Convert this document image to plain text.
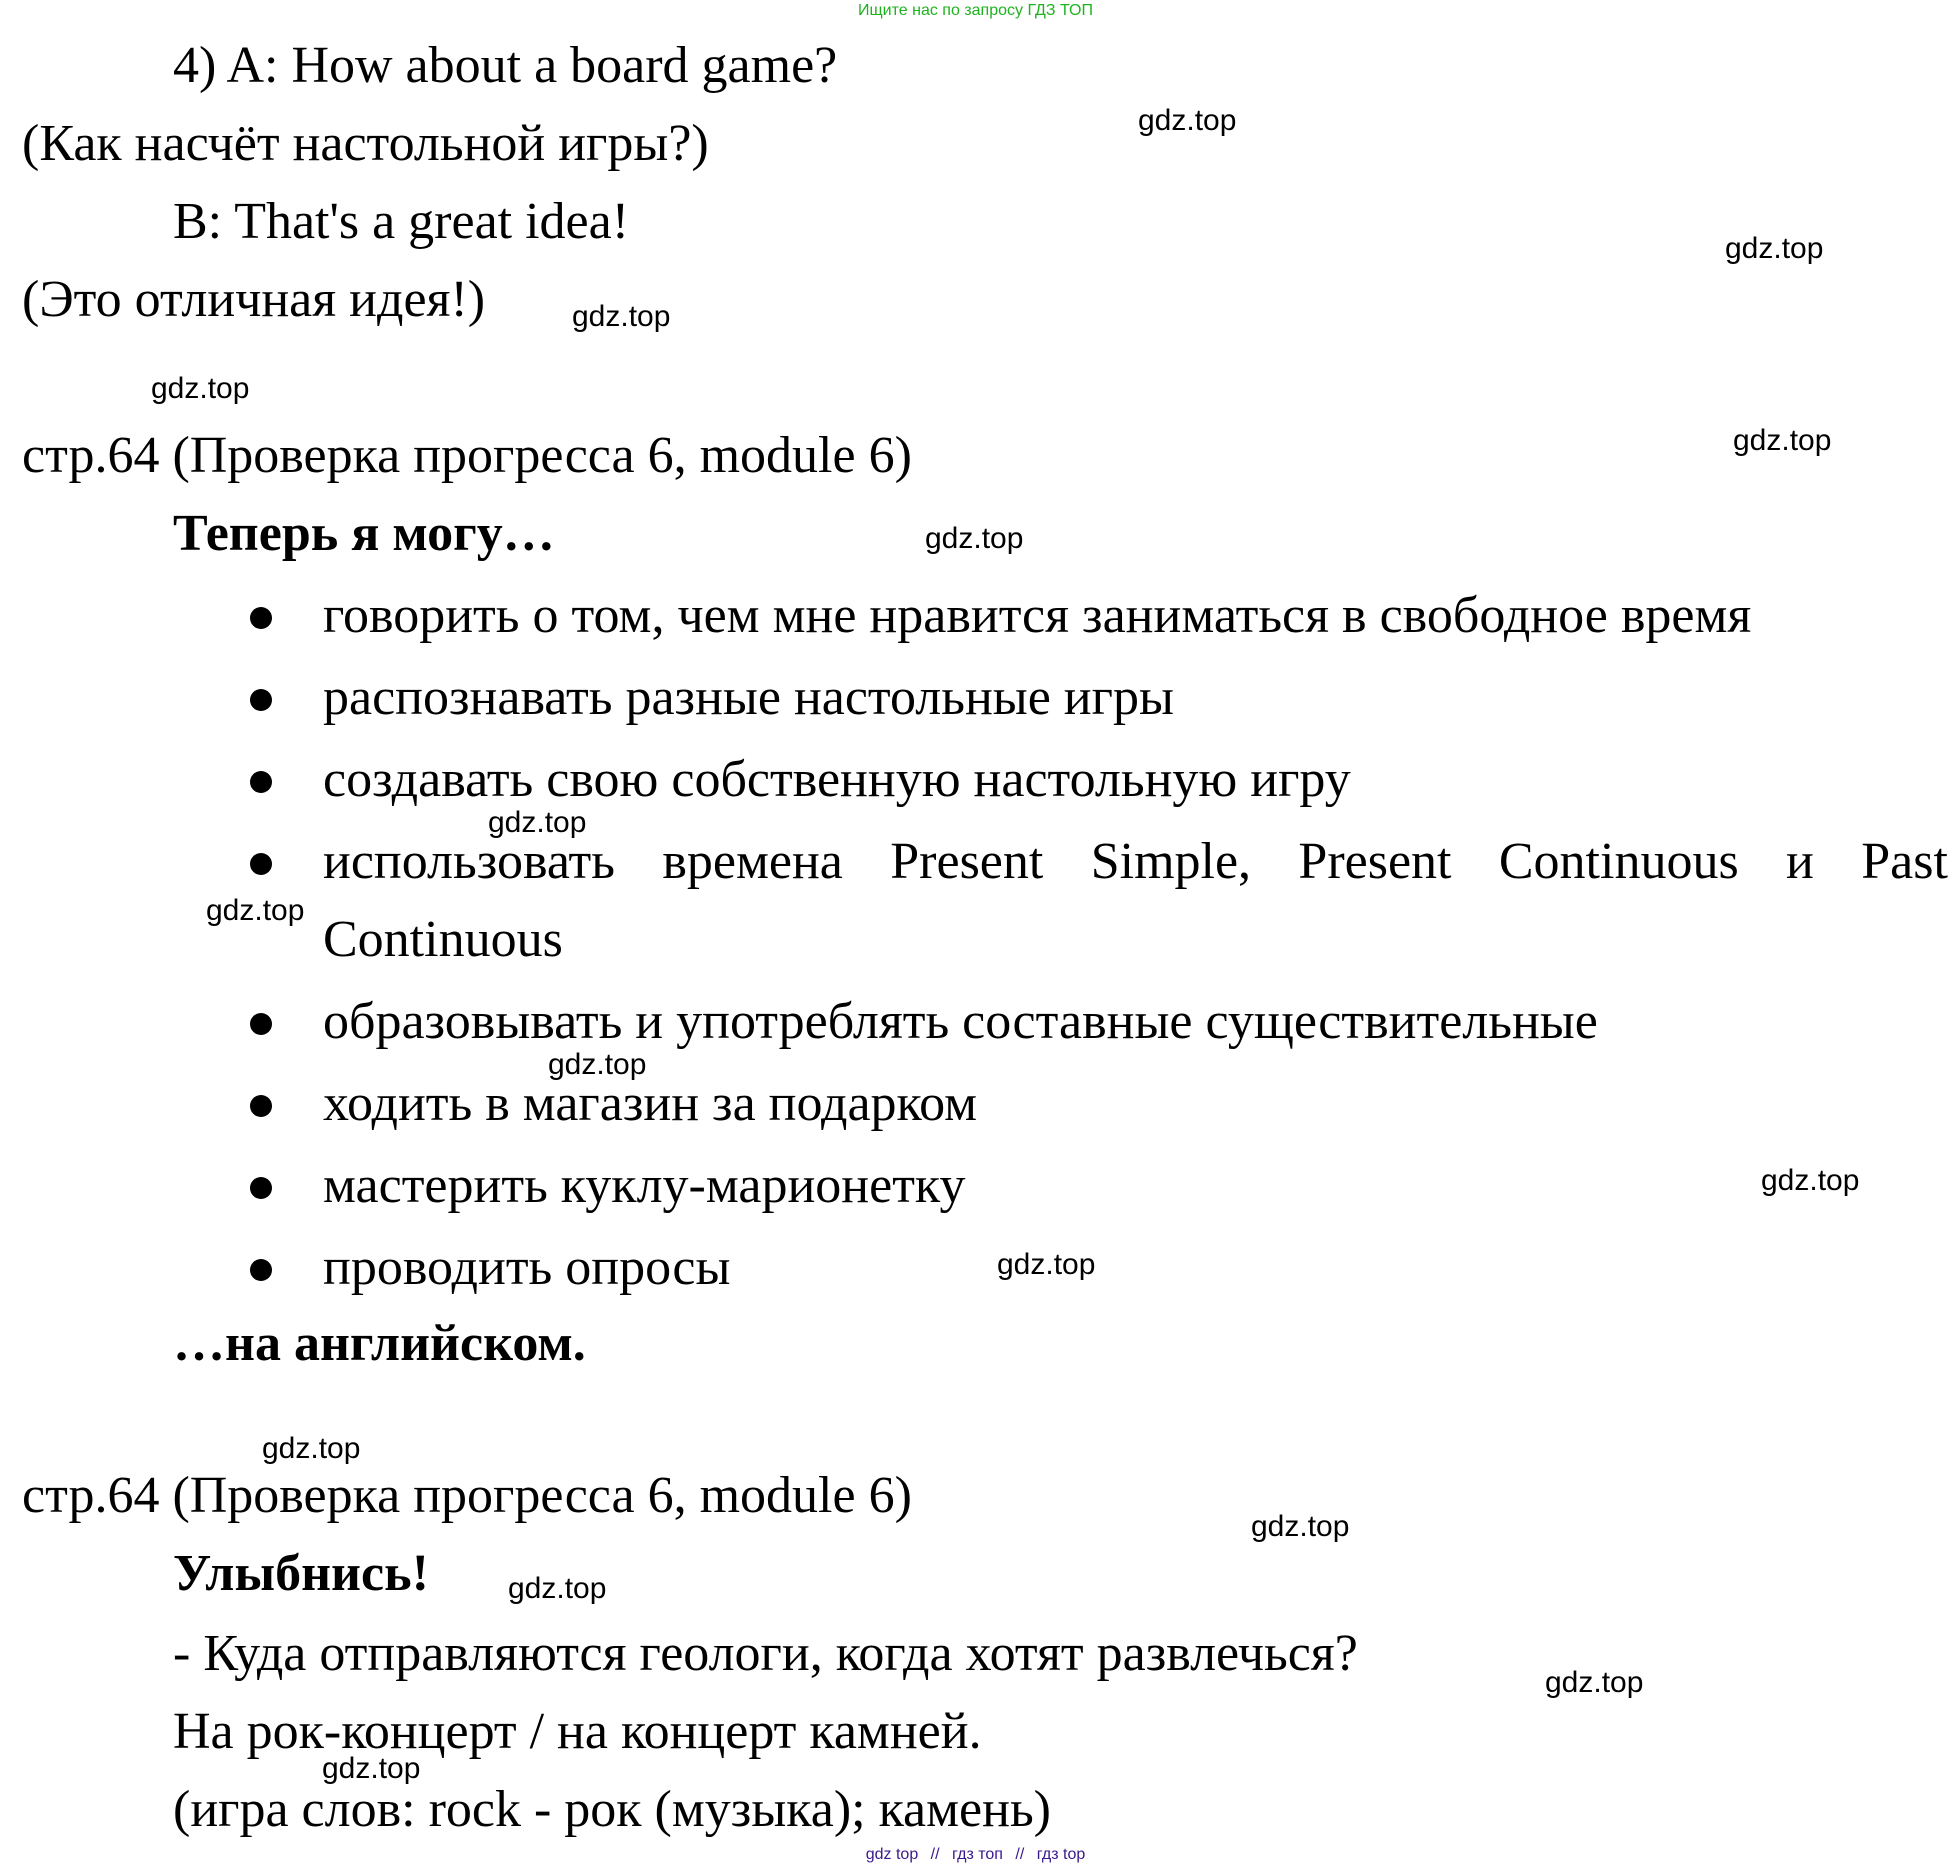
Ищите нас по запросу ГДЗ ТОП
4) A: How about a board game?
(Как насчёт настольной игры?)
B: That's a great idea!
(Это отличная идея!)
стр.64 (Проверка прогресса 6, module 6)
Теперь я могу…
говорить о том, чем мне нравится заниматься в свободное время
распознавать разные настольные игры
создавать свою собственную настольную игру
использовать времена Present Simple, Present Continuous и Past
Continuous
образовывать и употреблять составные существительные
ходить в магазин за подарком
мастерить куклу-марионетку
проводить опросы
…на английском.
стр.64 (Проверка прогресса 6, module 6)
Улыбнись!
- Куда отправляются геологи, когда хотят развлечься?
На рок-концерт / на концерт камней.
(игра слов: rock - рок (музыка); камень)
gdz.top
gdz.top
gdz.top
gdz.top
gdz.top
gdz.top
gdz.top
gdz.top
gdz.top
gdz.top
gdz.top
gdz.top
gdz.top
gdz.top
gdz.top
gdz.top
gdz top // гдз топ // гдз top
